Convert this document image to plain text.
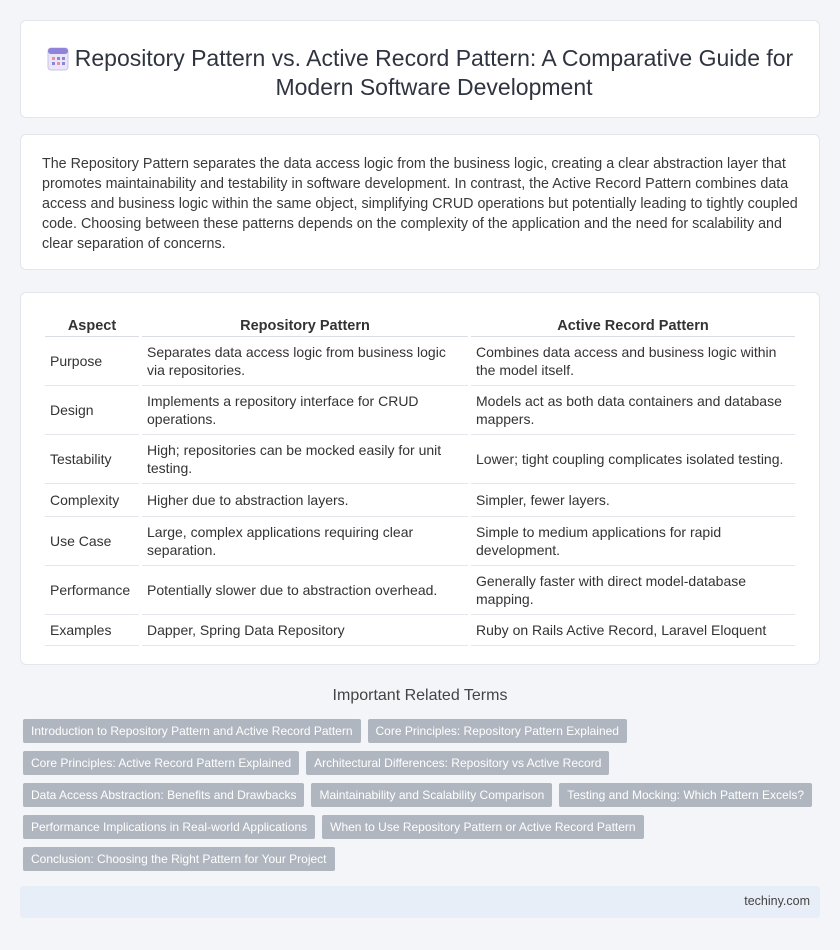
Repository Pattern vs. Active Record Pattern: A Comparative Guide for Modern Software Development

The Repository Pattern separates the data access logic from the business logic, creating a clear abstraction layer that promotes maintainability and testability in software development. In contrast, the Active Record Pattern combines data access and business logic within the same object, simplifying CRUD operations but potentially leading to tightly coupled code. Choosing between these patterns depends on the complexity of the application and the need for scalability and clear separation of concerns.

Aspect	Repository Pattern	Active Record Pattern
Purpose	Separates data access logic from business logic via repositories.	Combines data access and business logic within the model itself.
Design	Implements a repository interface for CRUD operations.	Models act as both data containers and database mappers.
Testability	High; repositories can be mocked easily for unit testing.	Lower; tight coupling complicates isolated testing.
Complexity	Higher due to abstraction layers.	Simpler, fewer layers.
Use Case	Large, complex applications requiring clear separation.	Simple to medium applications for rapid development.
Performance	Potentially slower due to abstraction overhead.	Generally faster with direct model-database mapping.
Examples	Dapper, Spring Data Repository	Ruby on Rails Active Record, Laravel Eloquent
Important Related Terms
Introduction to Repository Pattern and Active Record Pattern	Core Principles: Repository Pattern Explained
Core Principles: Active Record Pattern Explained	Architectural Differences: Repository vs Active Record
Data Access Abstraction: Benefits and Drawbacks	Maintainability and Scalability Comparison	Testing and Mocking: Which Pattern Excels?
Performance Implications in Real-world Applications	When to Use Repository Pattern or Active Record Pattern
Conclusion: Choosing the Right Pattern for Your Project
techiny.com
